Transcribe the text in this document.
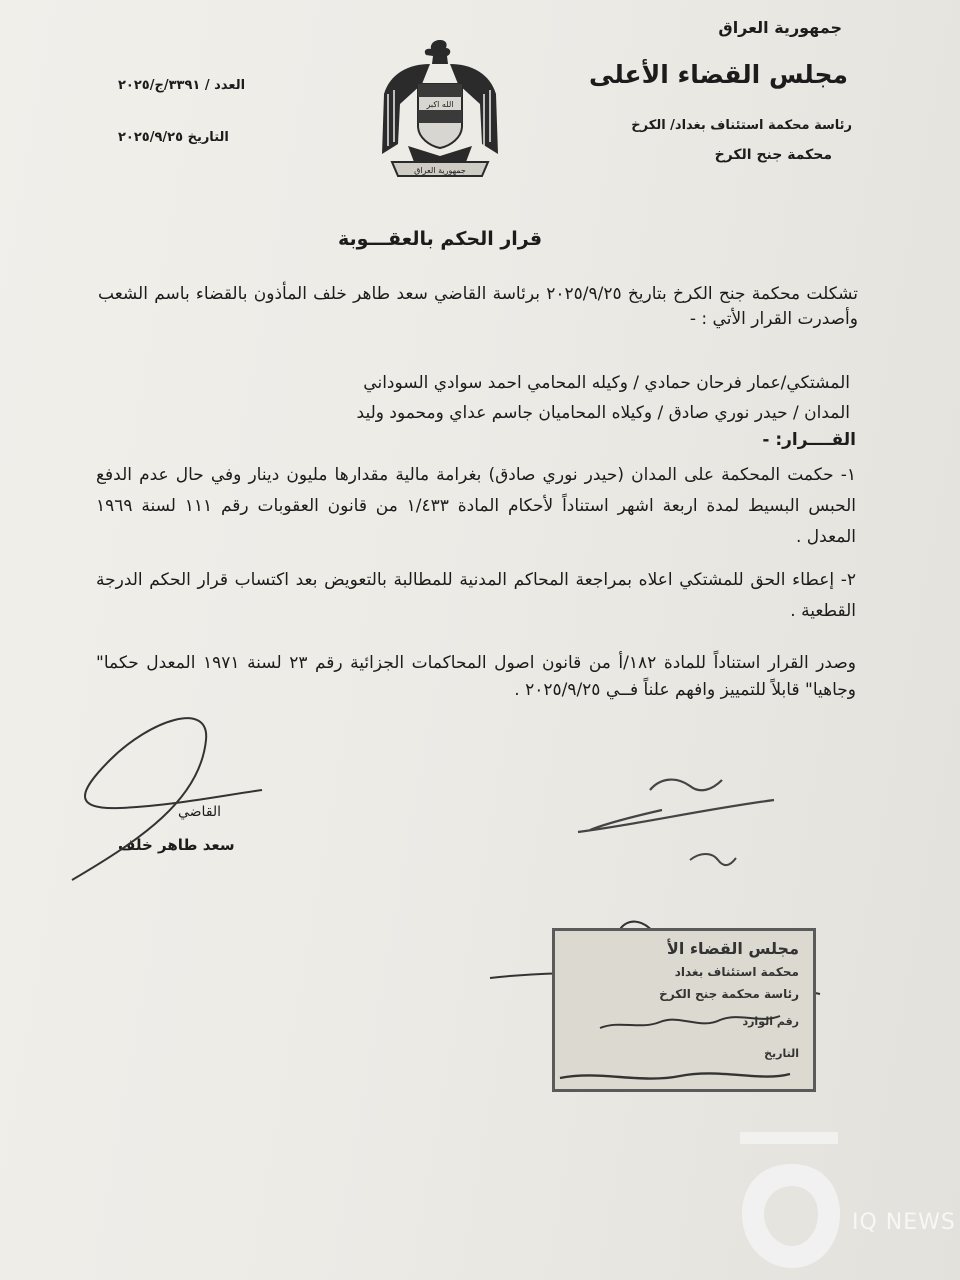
جمهورية العراق
مجلس القضاء الأعلى
رئاسة محكمة استئناف بغداد/ الكرخ
محكمة جنح الكرخ
العدد / ٣٣٩١/ج/٢٠٢٥
التاريخ ٢٠٢٥/٩/٢٥
الله اكبر
جمهورية العراق
قرار الحكم بالعقـــوبة
تشكلت محكمة جنح الكرخ بتاريخ ٢٠٢٥/٩/٢٥ برئاسة القاضي سعد طاهر خلف المأذون بالقضاء باسم الشعب وأصدرت القرار الأتي : -
المشتكي/عمار فرحان حمادي / وكيله المحامي احمد سوادي السوداني
المدان / حيدر نوري صادق / وكيلاه المحاميان جاسم عداي ومحمود وليد
القــــرار: -
١- حكمت المحكمة على المدان (حيدر نوري صادق) بغرامة مالية مقدارها مليون دينار وفي حال عدم الدفع الحبس البسيط لمدة اربعة اشهر استناداً لأحكام المادة ١/٤٣٣ من قانون العقوبات رقم ١١١ لسنة ١٩٦٩ المعدل .
٢- إعطاء الحق للمشتكي اعلاه بمراجعة المحاكم المدنية للمطالبة بالتعويض بعد اكتساب قرار الحكم الدرجة القطعية .
وصدر القرار استناداً للمادة ١٨٢/أ من قانون اصول المحاكمات الجزائية رقم ٢٣ لسنة ١٩٧١ المعدل حكما" وجاهيا" قابلاً للتمييز وافهم علناً فــي ٢٠٢٥/٩/٢٥ .
القاضي
سعد طاهر خلف
مجلس القضاء الأ
محكمة استئناف بغداد
رئاسة محكمة جنح الكرخ
رقم الوارد
التاريخ
IQ NEWS
